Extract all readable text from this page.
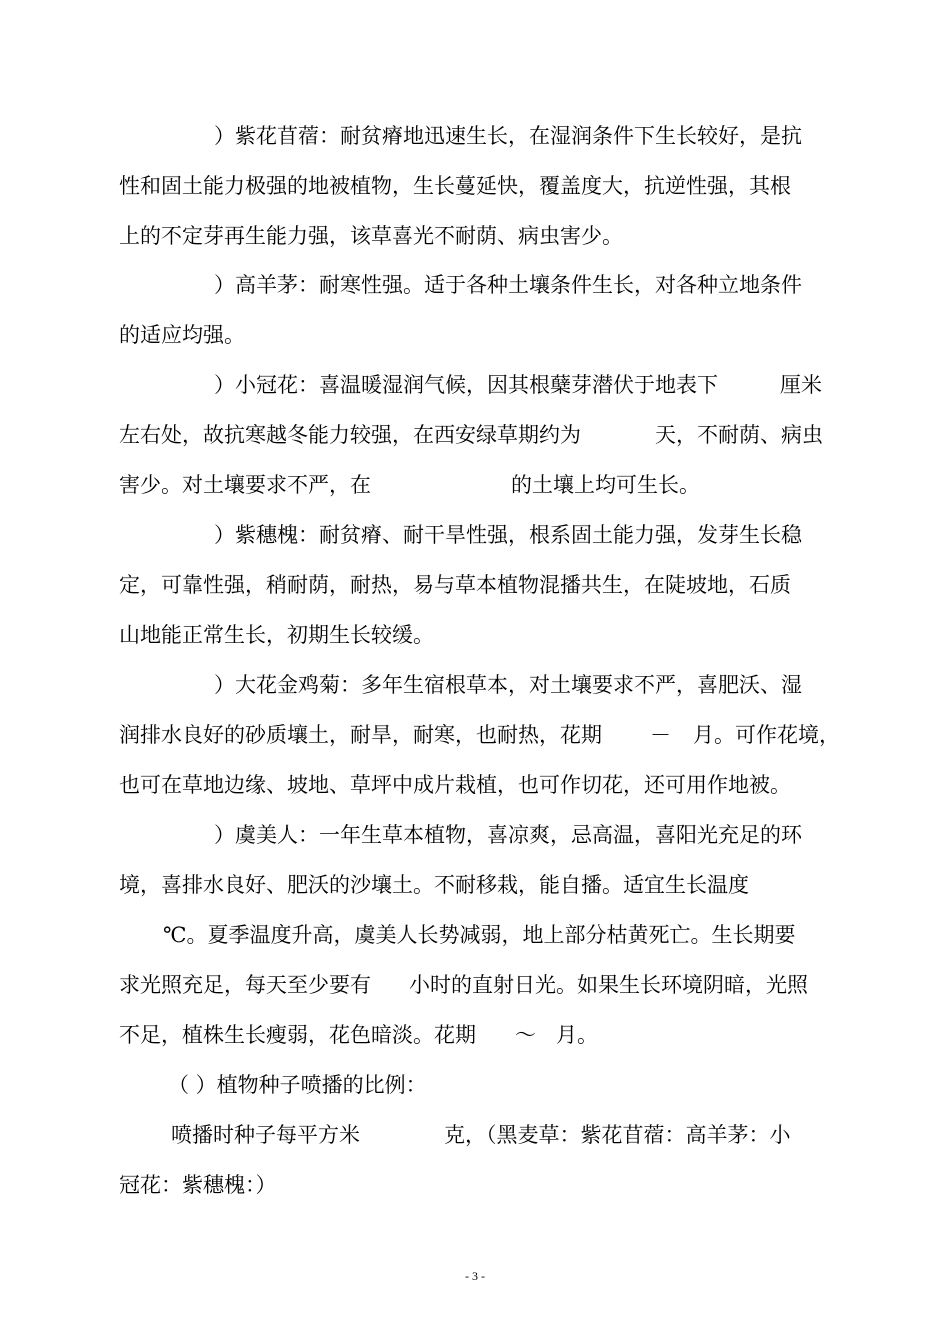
）紫花苜蓿：耐贫瘠地迅速生长，在湿润条件下生长较好，是抗

性和固土能力极强的地被植物，生长蔓延快，覆盖度大，抗逆性强，其根

上的不定芽再生能力强，该草喜光不耐荫、病虫害少。

）高羊茅：耐寒性强。适于各种土壤条件生长，对各种立地条件

的适应均强。

）小冠花：喜温暖湿润气候，因其根蘖芽潜伏于地表下

	厘米

左右处，故抗寒越冬能力较强，在西安绿草期约为

	天，不耐荫、病虫

害少。对土壤要求不严，在

	的土壤上均可生长。

）紫穗槐：耐贫瘠、耐干旱性强，根系固土能力强，发芽生长稳

定，可靠性强，稍耐荫，耐热，易与草本植物混播共生，在陡坡地，石质

山地能正常生长，初期生长较缓。

）大花金鸡菊：多年生宿根草本，对土壤要求不严，喜肥沃、湿

润排水良好的砂质壤土，耐旱，耐寒，也耐热，花期

－

月。可作花境，

也可在草地边缘、坡地、草坪中成片栽植，也可作切花，还可用作地被。

）虞美人：一年生草本植物，喜凉爽，忌高温，喜阳光充足的环

境，喜排水良好、肥沃的沙壤土。不耐移栽，能自播。适宜生长温度

℃。夏季温度升高，虞美人长势减弱，地上部分枯黄死亡。生长期要

求光照充足，每天至少要有

小时的直射日光。如果生长环境阴暗，光照

不足，植株生长瘦弱，花色暗淡。花期

～

月。

（ ）植物种子喷播的比例：

喷播时种子每平方米

	克，（黑麦草：紫花苜蓿：高羊茅：小

冠花：紫穗槐：）

- 3 -
